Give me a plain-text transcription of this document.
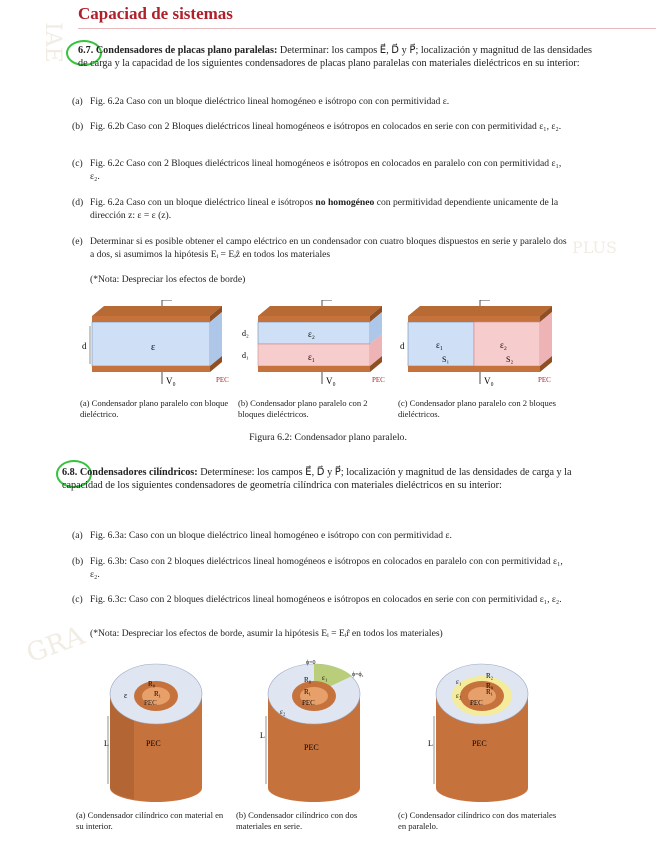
IAE
PLUS
GRA
Capaciad de sistemas
6.7. Condensadores de placas plano paralelas: Determinar: los campos E⃗, D⃗ y P⃗; localización y magnitud de las densidades de carga y la capacidad de los siguientes condensadores de placas plano paralelas con materiales dieléctricos en su interior:
(a) Fig. 6.2a Caso con un bloque dieléctrico lineal homogéneo e isótropo con con permitividad ε.
(b) Fig. 6.2b Caso con 2 Bloques dieléctricos lineal homogéneos e isótropos en colocados en serie con con permitividad ε₁, ε₂.
(c) Fig. 6.2c Caso con 2 Bloques dieléctricos lineal homogéneos e isótropos en colocados en paralelo con con permitividad ε₁, ε₂.
(d) Fig. 6.2a Caso con un bloque dieléctrico lineal e isótropos no homogéneo con permitividad dependiente unicamente de la dirección z: ε = ε (z).
(e) Determinar si es posible obtener el campo eléctrico en un condensador con cuatro bloques dispuestos en serie y paralelo dos a dos, si asumimos la hipótesis Eᵢ = Eᵢẑ en todos los materiales
(*Nota: Despreciar los efectos de borde)
ε
d
V₀	PEC
ε₂
ε₁
d₂
d₁
V₀	PEC
ε₁	ε₂
S₁	S₂
d
V₀	PEC
(a) Condensador plano paralelo con bloque dieléctrico.
(b) Condensador plano paralelo con 2 bloques dieléctricos.
(c) Condensador plano paralelo con 2 bloques dieléctricos.
Figura 6.2: Condensador plano paralelo.
6.8. Condensadores cilíndricos: Determínese: los campos E⃗, D⃗ y P⃗; localización y magnitud de las densidades de carga y la capacidad de los siguientes condensadores de geometría cilíndrica con materiales dieléctricos en su interior:
(a) Fig. 6.3a: Caso con un bloque dieléctrico lineal homogéneo e isótropo con con permitividad ε.
(b) Fig. 6.3b: Caso con 2 bloques dieléctricos lineal homogéneos e isótropos en colocados en paralelo con con permitividad ε₁, ε₂.
(c) Fig. 6.3c: Caso con 2 bloques dieléctricos lineal homogéneos e isótropos en colocados en serie con con permitividad ε₁, ε₂.
(*Nota: Despreciar los efectos de borde, asumir la hipótesis Eᵢ = Eᵢr̂ en todos los materiales)
R₀
R₁
PEC
ε
PEC
L
ϕ=0
ϕ=ϕ₁
R₀ ε₁
R₁
PEC
ε₂
PEC
L
R₂
ε₁
ε₂
R₀
R₁
PEC
PEC
L
(a) Condensador cilíndrico con material en su interior.
(b) Condensador cilíndrico con dos materiales en serie.
(c) Condensador cilíndrico con dos materiales en paralelo.
